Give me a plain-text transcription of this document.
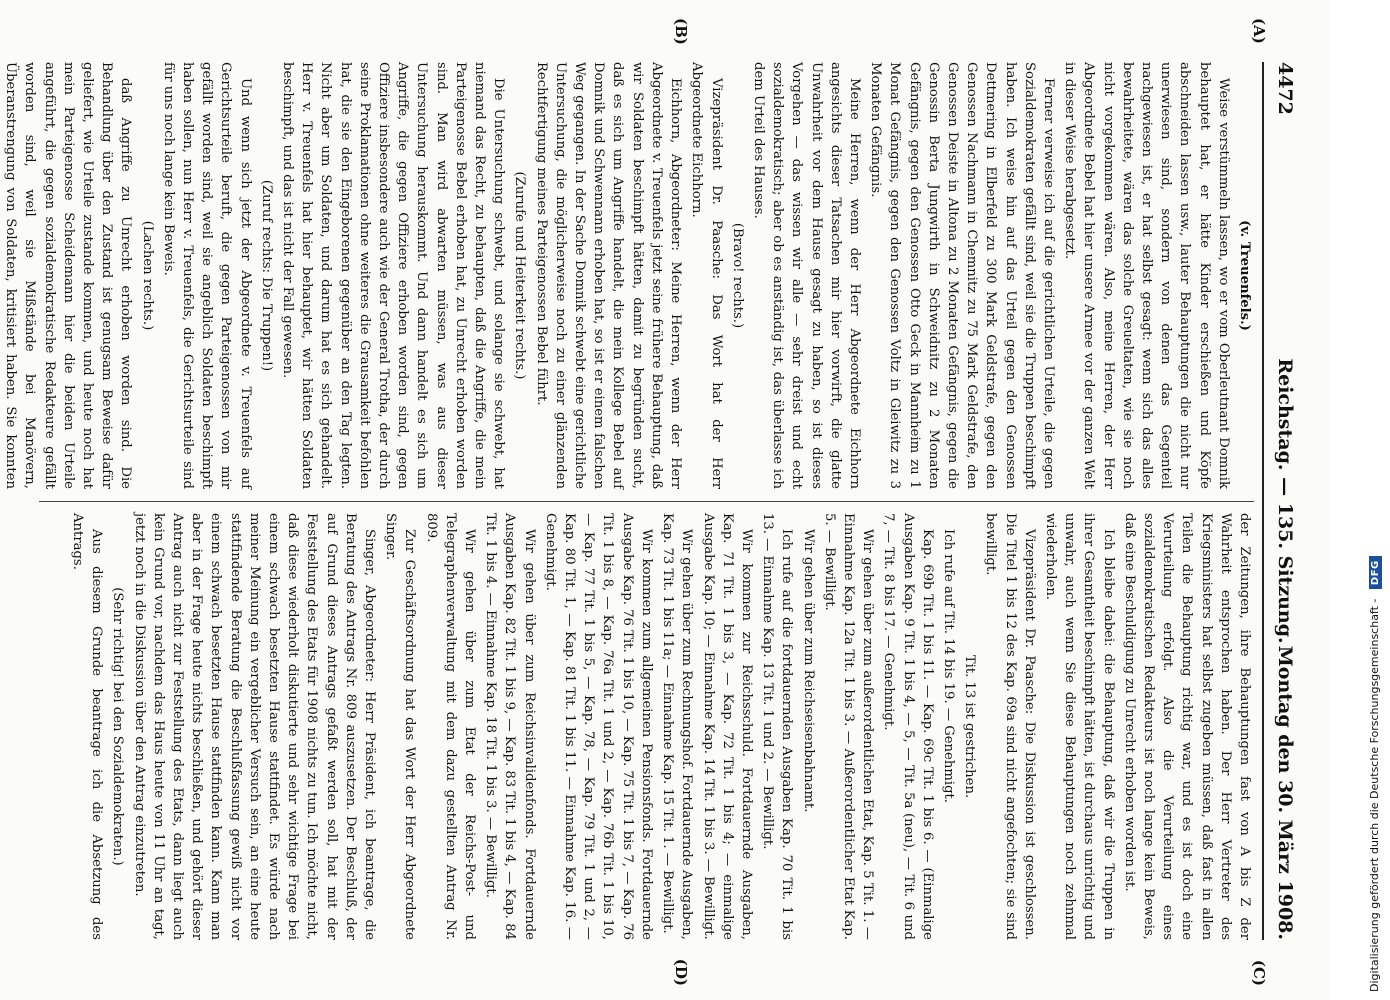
4472
Reichstag. — 135. Sitzung.
Montag den 30. März 1908.
(A)
(B)
(C)
(D)

(v. Treuenfels.)

Weise verstümmeln lassen, wo er vom Oberleutnant Domnik behauptet hat, er hätte Kinder erschießen und Köpfe abschneiden lassen usw., lauter Behauptungen die nicht nur unerwiesen sind, sondern von denen das Gegenteil nachgewiesen ist, er hat selbst gesagt: wenn sich das alles bewahrheitete, wären das solche Greueltaten, wie sie noch nicht vorgekommen wären. Also, meine Herren, der Herr Abgeordnete Bebel hat hier unsere Armee vor der ganzen Welt in dieser Weise herabgesetzt.

Ferner verweise ich auf die gerichtlichen Urteile, die gegen Sozialdemokraten gefällt sind, weil sie die Truppen beschimpft haben. Ich weise hin auf das Urteil gegen den Genossen Dettmering in Elberfeld zu 300 Mark Geldstrafe, gegen den Genossen Nachmann in Chemnitz zu 75 Mark Geldstrafe, den Genossen Deiste in Altona zu 2 Monaten Gefängnis, gegen die Genossin Berta Jungwirth in Schweidnitz zu 2 Monaten Gefängnis, gegen den Genossen Otto Geck in Mannheim zu 1 Monat Gefängnis, gegen den Genossen Voltz in Gleiwitz zu 3 Monaten Gefängnis.

Meine Herren, wenn der Herr Abgeordnete Eichhorn angesichts dieser Tatsachen mir hier vorwirft, die glatte Unwahrheit vor dem Hause gesagt zu haben, so ist dieses Vorgehen — das wissen wir alle — sehr dreist und echt sozialdemokratisch; aber ob es anständig ist, das überlasse ich dem Urteil des Hauses.

(Bravo! rechts.)

Vizepräsident Dr. Paasche: Das Wort hat der Herr Abgeordnete Eichhorn.

Eichhorn, Abgeordneter: Meine Herren, wenn der Herr Abgeordnete v. Treuenfels jetzt seine frühere Behauptung, daß wir Soldaten beschimpft hätten, damit zu begründen sucht, daß es sich um Angriffe handelt, die mein Kollege Bebel auf Domnik und Schwennann erhoben hat, so ist er einem falschen Weg gegangen. In der Sache Domnik schwebt eine gerichtliche Untersuchung, die möglicherweise noch zu einer glänzenden Rechtfertigung meines Parteigenossen Bebel führt.

(Zurufe und Heiterkeit rechts.)

Die Untersuchung schwebt, und solange sie schwebt, hat niemand das Recht, zu behaupten, daß die Angriffe, die mein Parteigenosse Bebel erhoben hat, zu Unrecht erhoben worden sind. Man wird abwarten müssen, was aus dieser Untersuchung herauskommt. Und dann handelt es sich um Angriffe, die gegen Offiziere erhoben worden sind, gegen Offiziere insbesondere auch wie der General Trotha, der durch seine Proklamationen ohne weiteres die Grausamkeit befohlen hat, die sie den Eingeborenen gegenüber an den Tag legten. Nicht aber um Soldaten, und darum hat es sich gehandelt. Herr v. Treuenfels hat hier behauptet, wir hätten Soldaten beschimpft, und das ist nicht der Fall gewesen.

(Zuruf rechts: Die Truppen!)

Und wenn sich jetzt der Abgeordnete v. Treuenfels auf Gerichtsurteile beruft, die gegen Parteigenossen von mir gefällt worden sind, weil sie angeblich Soldaten beschimpft haben sollen, nun Herr v. Treuenfels, die Gerichtsurteile sind für uns noch lange kein Beweis.

(Lachen rechts.)

daß Angriffe zu Unrecht erhoben worden sind. Die Behandlung über den Zustand ist genugsam Beweise dafür geliefert, wie Urteile zustande kommen, und heute noch hat mein Parteigenosse Scheidemann hier die beiden Urteile angeführt, die gegen sozialdemokratische Redakteure gefällt worden sind, weil sie Mißstände bei Manövern, Überanstrengung von Soldaten, kritisiert haben. Sie konnten

der Zeitungen, ihre Behauptungen fast von A bis Z der Wahrheit entsprochen haben. Der Herr Vertreter des Kriegsministers hat selbst zugeben müssen, daß fast in allen Teilen die Behauptung richtig war, und es ist doch eine Verurteilung erfolgt. Also die Verurteilung eines sozialdemokratischen Redakteurs ist noch lange kein Beweis, daß eine Beschuldigung zu Unrecht erhoben worden ist.

Ich bleibe dabei: die Behauptung, daß wir die Truppen in ihrer Gesamtheit beschimpft hätten, ist durchaus unrichtig und unwahr, auch wenn Sie diese Behauptungen noch zehnmal wiederholen.

Vizepräsident Dr. Paasche: Die Diskussion ist geschlossen. Die Titel 1 bis 12 des Kap. 69a sind nicht angefochten; sie sind bewilligt.

Tit. 13 ist gestrichen.

Ich rufe auf Tit. 14 bis 19. — Genehmigt.

Kap. 69b Tit. 1 bis 11. — Kap. 69c Tit. 1 bis 6. — (Einmalige Ausgaben Kap. 9 Tit. 1 bis 4, — 5, — Tit. 5a (neu), — Tit. 6 und 7, — Tit. 8 bis 17. — Genehmigt.

Wir gehen über zum außerordentlichen Etat, Kap. 5 Tit. 1. — Einnahme Kap. 12a Tit. 1 bis 3. — Außerordentlicher Etat Kap. 5. — Bewilligt.

Wir gehen über zum Reichseisenbahnamt.

Ich rufe auf die fortdauernden Ausgaben Kap. 70 Tit. 1 bis 13. — Einnahme Kap. 13 Tit. 1 und 2. — Bewilligt.

Wir kommen zur Reichsschuld. Fortdauernde Ausgaben, Kap. 71 Tit. 1 bis 3, — Kap. 72 Tit. 1 bis 4; — einmalige Ausgabe Kap. 10; — Einnahme Kap. 14 Tit. 1 bis 3. — Bewilligt.

Wir gehen über zum Rechnungshof. Fortdauernde Ausgaben, Kap. 73 Tit. 1 bis 11a; — Einnahme Kap. 15 Tit. 1. — Bewilligt.

Wir kommen zum allgemeinen Pensionsfonds. Fortdauernde Ausgabe Kap. 76 Tit. 1 bis 10, — Kap. 75 Tit. 1 bis 7, — Kap. 76 Tit. 1 bis 8, — Kap. 76a Tit. 1 und 2, — Kap. 76b Tit. 1 bis 10, — Kap. 77 Tit. 1 bis 5, — Kap. 78, — Kap. 79 Tit. 1 und 2, — Kap. 80 Tit. 1, — Kap. 81 Tit. 1 bis 11. — Einnahme Kap. 16. — Genehmigt.

Wir gehen über zum Reichsinvalidenfonds. Fortdauernde Ausgaben Kap. 82 Tit. 1 bis 9, — Kap. 83 Tit. 1 bis 4, — Kap. 84 Tit. 1 bis 4. — Einnahme Kap. 18 Tit. 1 bis 3. — Bewilligt.

Wir gehen über zum Etat der Reichs-Post- und Telegraphenverwaltung mit dem dazu gestellten Antrag Nr. 809.

Zur Geschäftsordnung hat das Wort der Herr Abgeordnete Singer.

Singer, Abgeordneter: Herr Präsident, ich beantrage, die Beratung des Antrags Nr. 809 auszusetzen. Der Beschluß, der auf Grund dieses Antrags gefaßt werden soll, hat mit der Feststellung des Etats für 1908 nichts zu tun. Ich möchte nicht, daß diese wiederholt diskutierte und sehr wichtige Frage bei einem schwach besetzten Hause stattfindet. Es würde nach meiner Meinung ein vergeblicher Versuch sein, an eine heute stattfindende Beratung die Beschlußfassung gewiß nicht vor einem schwach besetzten Hause stattfinden kann. Kann man aber in der Frage heute nichts beschließen, und gehört dieser Antrag auch nicht zur Feststellung des Etats, dann liegt auch kein Grund vor, nachdem das Haus heute von 11 Uhr an tagt, jetzt noch in die Diskussion über den Antrag einzutreten.

(Sehr richtig! bei den Sozialdemokraten.)

Aus diesem Grunde beantrage ich die Absetzung des Antrags.

Digitalisierung gefördert durch die Deutsche Forschungsgemeinschaft - DFG
